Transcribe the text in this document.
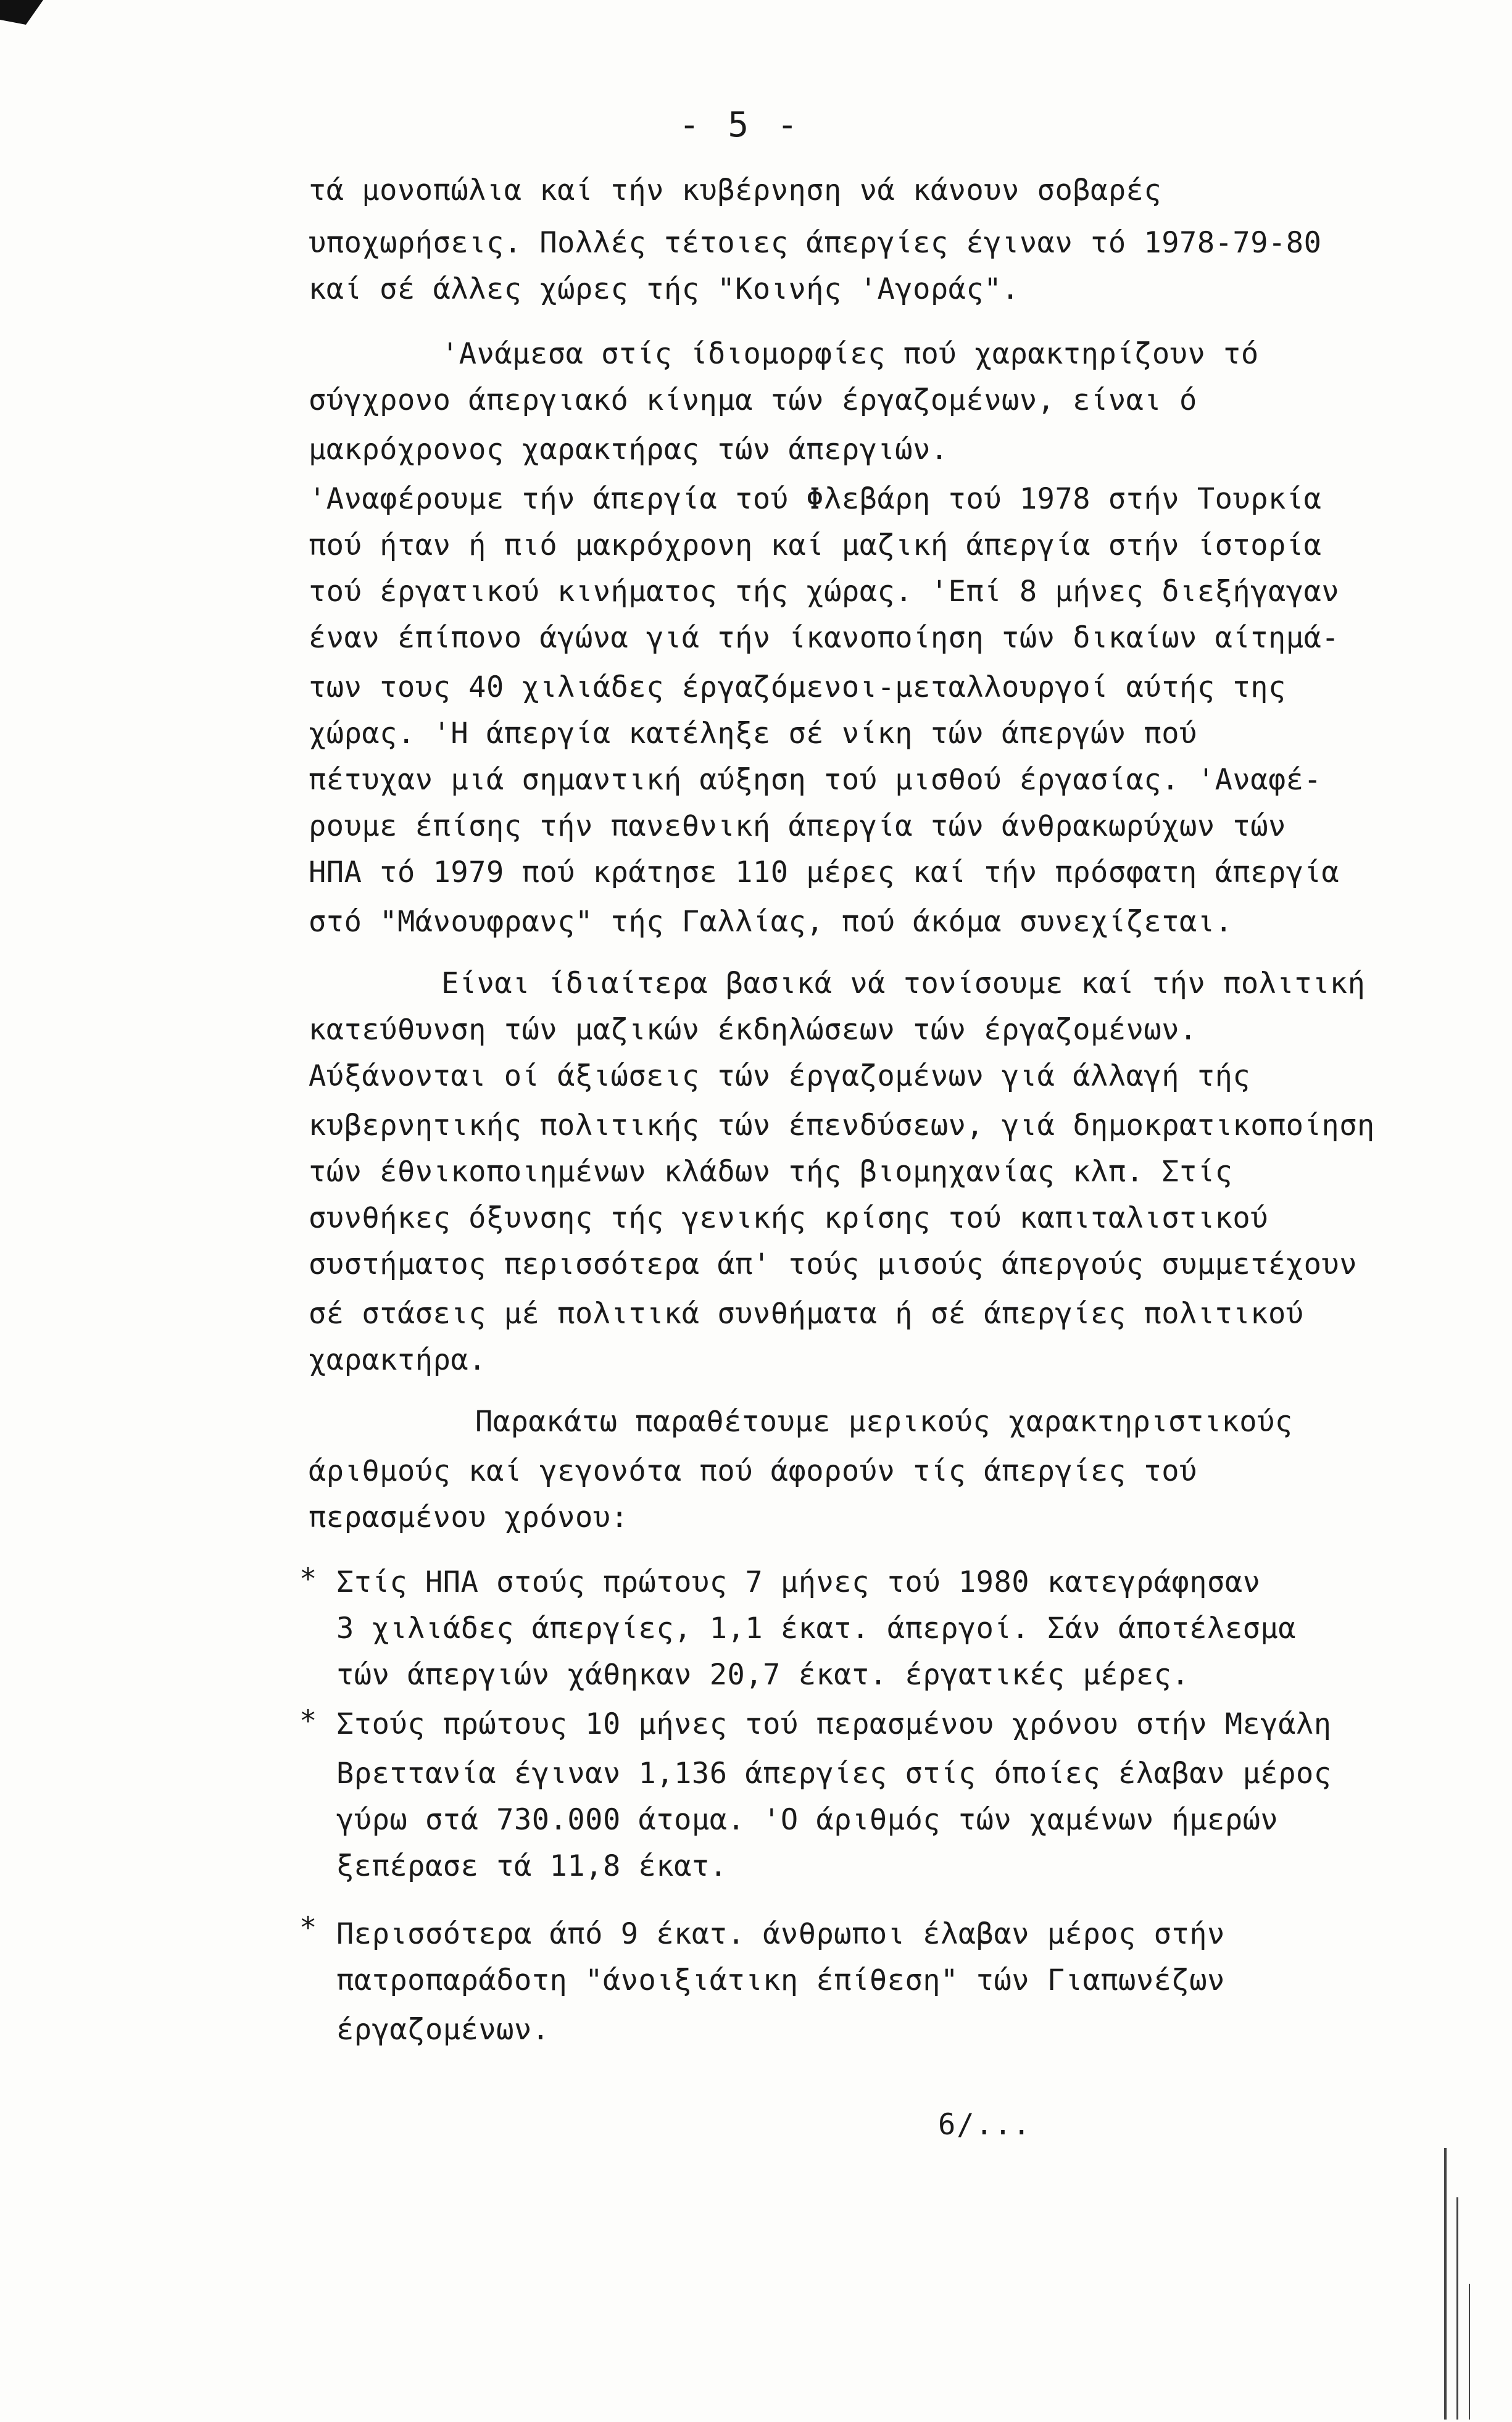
- 5 -
τά μονοπώλια καί τήν κυβέρνηση νά κάνουν σοβαρές
υποχωρήσεις. Πολλές τέτοιες άπεργίες έγιναν τό 1978-79-80
καί σέ άλλες χώρες τής "Κοινής 'Αγοράς".
'Ανάμεσα στίς ίδιομορφίες πού χαρακτηρίζουν τό
σύγχρονο άπεργιακό κίνημα τών έργαζομένων, είναι ό
μακρόχρονος χαρακτήρας τών άπεργιών.
'Αναφέρουμε τήν άπεργία τού Φλεβάρη τού 1978 στήν Τουρκία
πού ήταν ή πιό μακρόχρονη καί μαζική άπεργία στήν ίστορία
τού έργατικού κινήματος τής χώρας. 'Επί 8 μήνες διεξήγαγαν
έναν έπίπονο άγώνα γιά τήν ίκανοποίηση τών δικαίων αίτημά-
των τους 40 χιλιάδες έργαζόμενοι-μεταλλουργοί αύτής της
χώρας. 'Η άπεργία κατέληξε σέ νίκη τών άπεργών πού
πέτυχαν μιά σημαντική αύξηση τού μισθού έργασίας. 'Αναφέ-
ρουμε έπίσης τήν πανεθνική άπεργία τών άνθρακωρύχων τών
ΗΠΑ τό 1979 πού κράτησε 110 μέρες καί τήν πρόσφατη άπεργία
στό "Μάνουφρανς" τής Γαλλίας, πού άκόμα συνεχίζεται.
Είναι ίδιαίτερα βασικά νά τονίσουμε καί τήν πολιτική
κατεύθυνση τών μαζικών έκδηλώσεων τών έργαζομένων.
Αύξάνονται οί άξιώσεις τών έργαζομένων γιά άλλαγή τής
κυβερνητικής πολιτικής τών έπενδύσεων, γιά δημοκρατικοποίηση
τών έθνικοποιημένων κλάδων τής βιομηχανίας κλπ. Στίς
συνθήκες όξυνσης τής γενικής κρίσης τού καπιταλιστικού
συστήματος περισσότερα άπ' τούς μισούς άπεργούς συμμετέχουν
σέ στάσεις μέ πολιτικά συνθήματα ή σέ άπεργίες πολιτικού
χαρακτήρα.
Παρακάτω παραθέτουμε μερικούς χαρακτηριστικούς
άριθμούς καί γεγονότα πού άφορούν τίς άπεργίες τού
περασμένου χρόνου:
* Στίς ΗΠΑ στούς πρώτους 7 μήνες τού 1980 κατεγράφησαν
3 χιλιάδες άπεργίες, 1,1 έκατ. άπεργοί. Σάν άποτέλεσμα
τών άπεργιών χάθηκαν 20,7 έκατ. έργατικές μέρες.
* Στούς πρώτους 10 μήνες τού περασμένου χρόνου στήν Μεγάλη
Βρεττανία έγιναν 1,136 άπεργίες στίς όποίες έλαβαν μέρος
γύρω στά 730.000 άτομα. 'Ο άριθμός τών χαμένων ήμερών
ξεπέρασε τά 11,8 έκατ.
* Περισσότερα άπό 9 έκατ. άνθρωποι έλαβαν μέρος στήν
πατροπαράδοτη "άνοιξιάτικη έπίθεση" τών Γιαπωνέζων
έργαζομένων.
6/...
